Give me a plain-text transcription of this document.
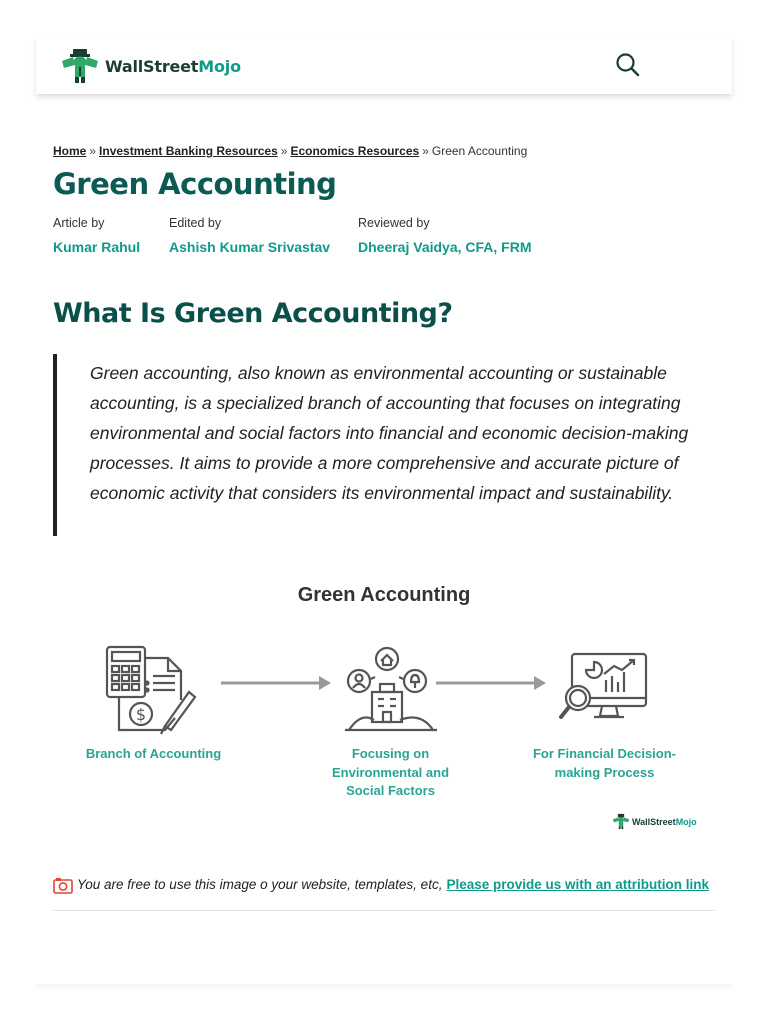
WallStreetMojo
Home » Investment Banking Resources » Economics Resources » Green Accounting
Green Accounting
Article by
Kumar Rahul
Edited by
Ashish Kumar Srivastav
Reviewed by
Dheeraj Vaidya, CFA, FRM
What Is Green Accounting?

Green accounting, also known as environmental accounting or sustainable accounting, is a specialized branch of accounting that focuses on integrating environmental and social factors into financial and economic decision-making processes. It aims to provide a more comprehensive and accurate picture of economic activity that considers its environmental impact and sustainability.

Green Accounting
$
Branch of Accounting	Focusing on Environmental and Social Factors
For Financial Decision-making Process
WallStreetMojo
You are free to use this image o your website, templates, etc, Please provide us with an attribution link
